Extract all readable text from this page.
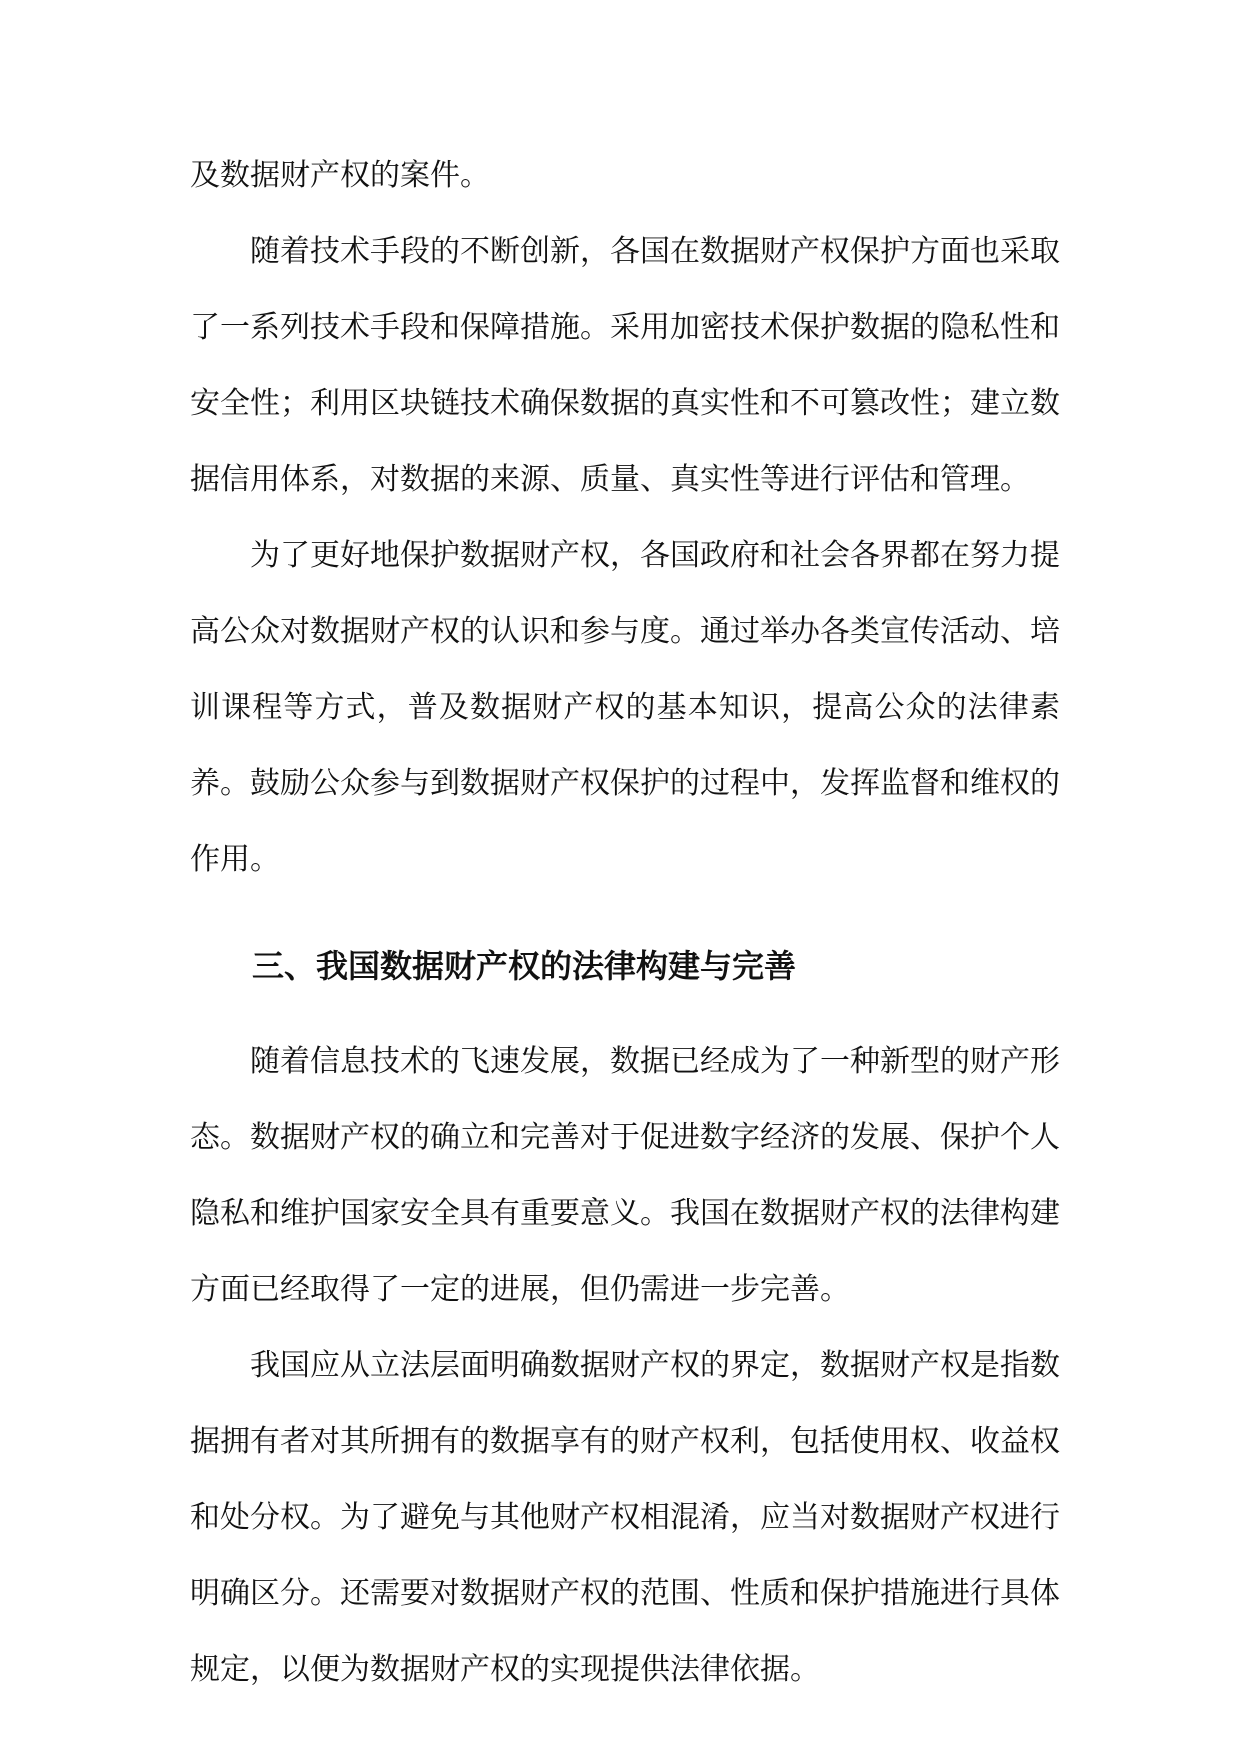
及数据财产权的案件。

随着技术手段的不断创新，各国在数据财产权保护方面也采取了一系列技术手段和保障措施。采用加密技术保护数据的隐私性和安全性；利用区块链技术确保数据的真实性和不可篡改性；建立数据信用体系，对数据的来源、质量、真实性等进行评估和管理。

为了更好地保护数据财产权，各国政府和社会各界都在努力提高公众对数据财产权的认识和参与度。通过举办各类宣传活动、培训课程等方式，普及数据财产权的基本知识，提高公众的法律素养。鼓励公众参与到数据财产权保护的过程中，发挥监督和维权的作用。

三、我国数据财产权的法律构建与完善

随着信息技术的飞速发展，数据已经成为了一种新型的财产形态。数据财产权的确立和完善对于促进数字经济的发展、保护个人隐私和维护国家安全具有重要意义。我国在数据财产权的法律构建方面已经取得了一定的进展，但仍需进一步完善。

我国应从立法层面明确数据财产权的界定，数据财产权是指数据拥有者对其所拥有的数据享有的财产权利，包括使用权、收益权和处分权。为了避免与其他财产权相混淆，应当对数据财产权进行明确区分。还需要对数据财产权的范围、性质和保护措施进行具体规定，以便为数据财产权的实现提供法律依据。
